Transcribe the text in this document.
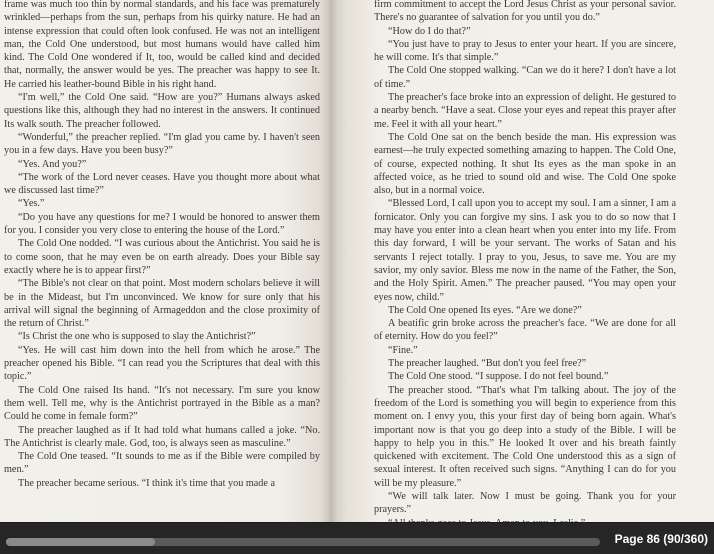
frame was much too thin by normal standards, and his face was prematurely wrinkled—perhaps from the sun, perhaps from his quirky nature. He had an intense expression that could often look confused. He was not an intelligent man, the Cold One understood, but most humans would have called him kind. The Cold One wondered if It, too, would be called kind and decided that, normally, the answer would be yes. The preacher was happy to see It. He carried his leather-bound Bible in his right hand.

“I'm well,” the Cold One said. “How are you?” Humans always asked questions like this, although they had no interest in the answers. It continued Its walk south. The preacher followed.

“Wonderful,” the preacher replied. “I'm glad you came by. I haven't seen you in a few days. Have you been busy?”

“Yes. And you?”

“The work of the Lord never ceases. Have you thought more about what we discussed last time?”

“Yes.”

“Do you have any questions for me? I would be honored to answer them for you. I consider you very close to entering the house of the Lord.”

The Cold One nodded. “I was curious about the Antichrist. You said he is to come soon, that he may even be on earth already. Does your Bible say exactly where he is to appear first?”

“The Bible's not clear on that point. Most modern scholars believe it will be in the Mideast, but I'm unconvinced. We know for sure only that his arrival will signal the beginning of Armageddon and the close proximity of the return of Christ.”

“Is Christ the one who is supposed to slay the Antichrist?”

“Yes. He will cast him down into the hell from which he arose.” The preacher opened his Bible. “I can read you the Scriptures that deal with this topic.”

The Cold One raised Its hand. “It's not necessary. I'm sure you know them well. Tell me, why is the Antichrist portrayed in the Bible as a man? Could he come in female form?”

The preacher laughed as if It had told what humans called a joke. “No. The Antichrist is clearly male. God, too, is always seen as masculine.”

The Cold One teased. “It sounds to me as if the Bible were compiled by men.”

The preacher became serious. “I think it's time that you made a

firm commitment to accept the Lord Jesus Christ as your personal savior. There's no guarantee of salvation for you until you do.”

“How do I do that?”

“You just have to pray to Jesus to enter your heart. If you are sincere, he will come. It's that simple.”

The Cold One stopped walking. “Can we do it here? I don't have a lot of time.”

The preacher's face broke into an expression of delight. He gestured to a nearby bench. “Have a seat. Close your eyes and repeat this prayer after me. Feel it with all your heart.”

The Cold One sat on the bench beside the man. His expression was earnest—he truly expected something amazing to happen. The Cold One, of course, expected nothing. It shut Its eyes as the man spoke in an affected voice, as he tried to sound old and wise. The Cold One spoke also, but in a normal voice.

“Blessed Lord, I call upon you to accept my soul. I am a sinner, I am a fornicator. Only you can forgive my sins. I ask you to do so now that I may have you enter into a clean heart when you enter into my life. From this day forward, I will be your servant. The works of Satan and his servants I reject totally. I pray to you, Jesus, to save me. You are my savior, my only savior. Bless me now in the name of the Father, the Son, and the Holy Spirit. Amen.” The preacher paused. “You may open your eyes now, child.”

The Cold One opened Its eyes. “Are we done?”

A beatific grin broke across the preacher's face. “We are done for all of eternity. How do you feel?”

“Fine.”

The preacher laughed. “But don't you feel free?”

The Cold One stood. “I suppose. I do not feel bound.”

The preacher stood. “That's what I'm talking about. The joy of the freedom of the Lord is something you will begin to experience from this moment on. I envy you, this your first day of being born again. What's important now is that you go deep into a study of the Bible. I will be happy to help you in this.” He looked It over and his breath faintly quickened with excitement. The Cold One understood this as a sign of sexual interest. It often received such signs. “Anything I can do for you will be my pleasure.”

“We will talk later. Now I must be going. Thank you for your prayers.”

Page 86 (90/360)
